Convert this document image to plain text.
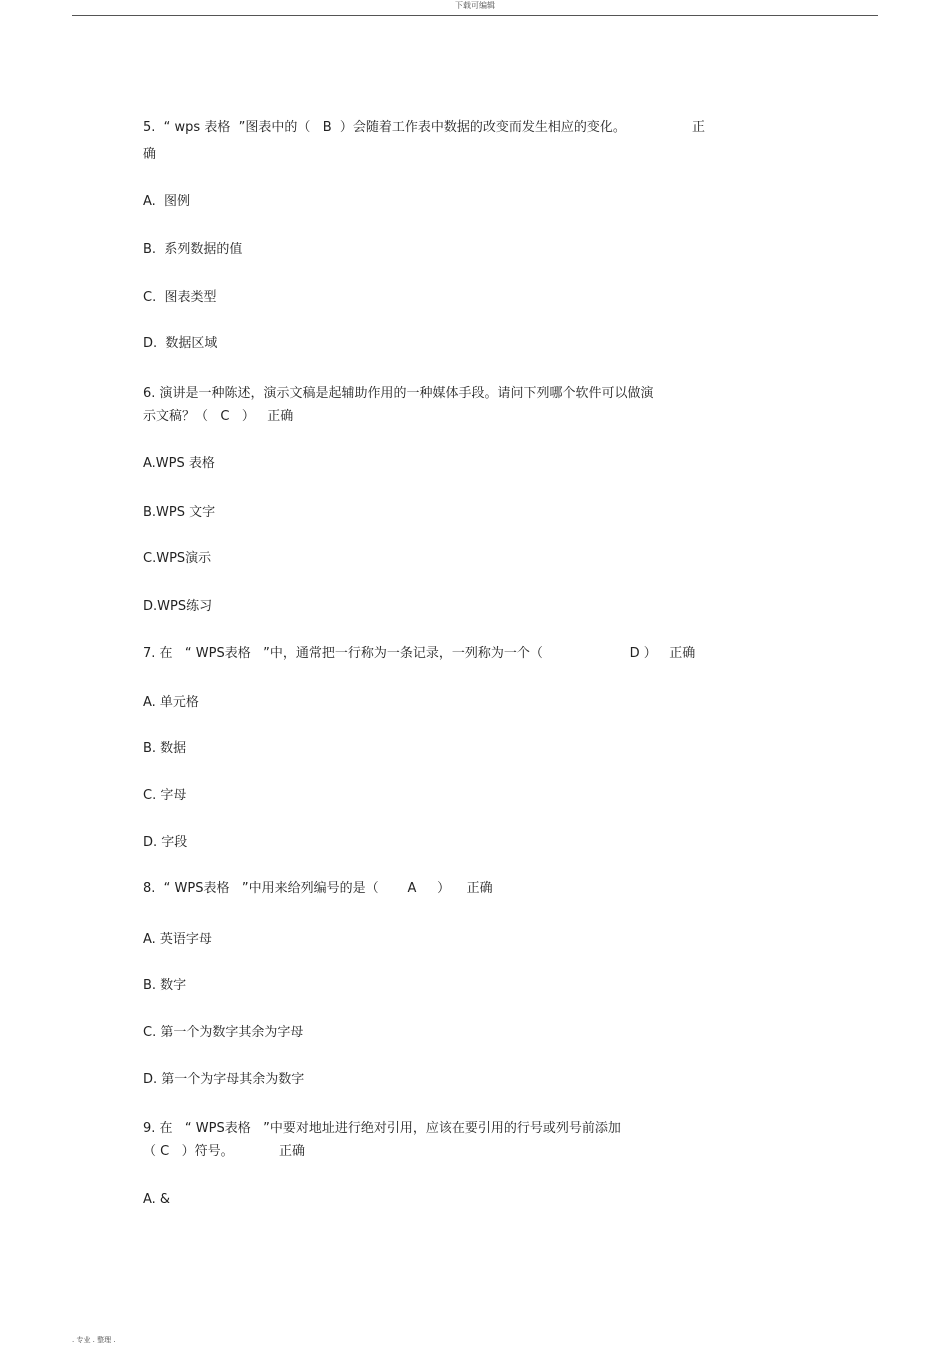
下载可编辑
5.  “ wps 表格  ”图表中的（   B  ）会随着工作表中数据的改变而发生相应的变化。                正
确
A.  图例
B.  系列数据的值
C.  图表类型
D.  数据区域
6. 演讲是一种陈述，演示文稿是起辅助作用的一种媒体手段。请问下列哪个软件可以做演
示文稿？（   C   ）   正确
A.WPS 表格
B.WPS 文字
C.WPS演示
D.WPS练习
7. 在   “ WPS表格   ”中，通常把一行称为一条记录，一列称为一个（                     D ）   正确
A. 单元格
B. 数据
C. 字母
D. 字段
8.  “ WPS表格   ”中用来给列编号的是（       A     ）    正确
A. 英语字母
B. 数字
C. 第一个为数字其余为字母
D. 第一个为字母其余为数字
9. 在   “ WPS表格   ”中要对地址进行绝对引用，应该在要引用的行号或列号前添加
（ C   ）符号。           正确
A. &
. 专业 . 整理 .
